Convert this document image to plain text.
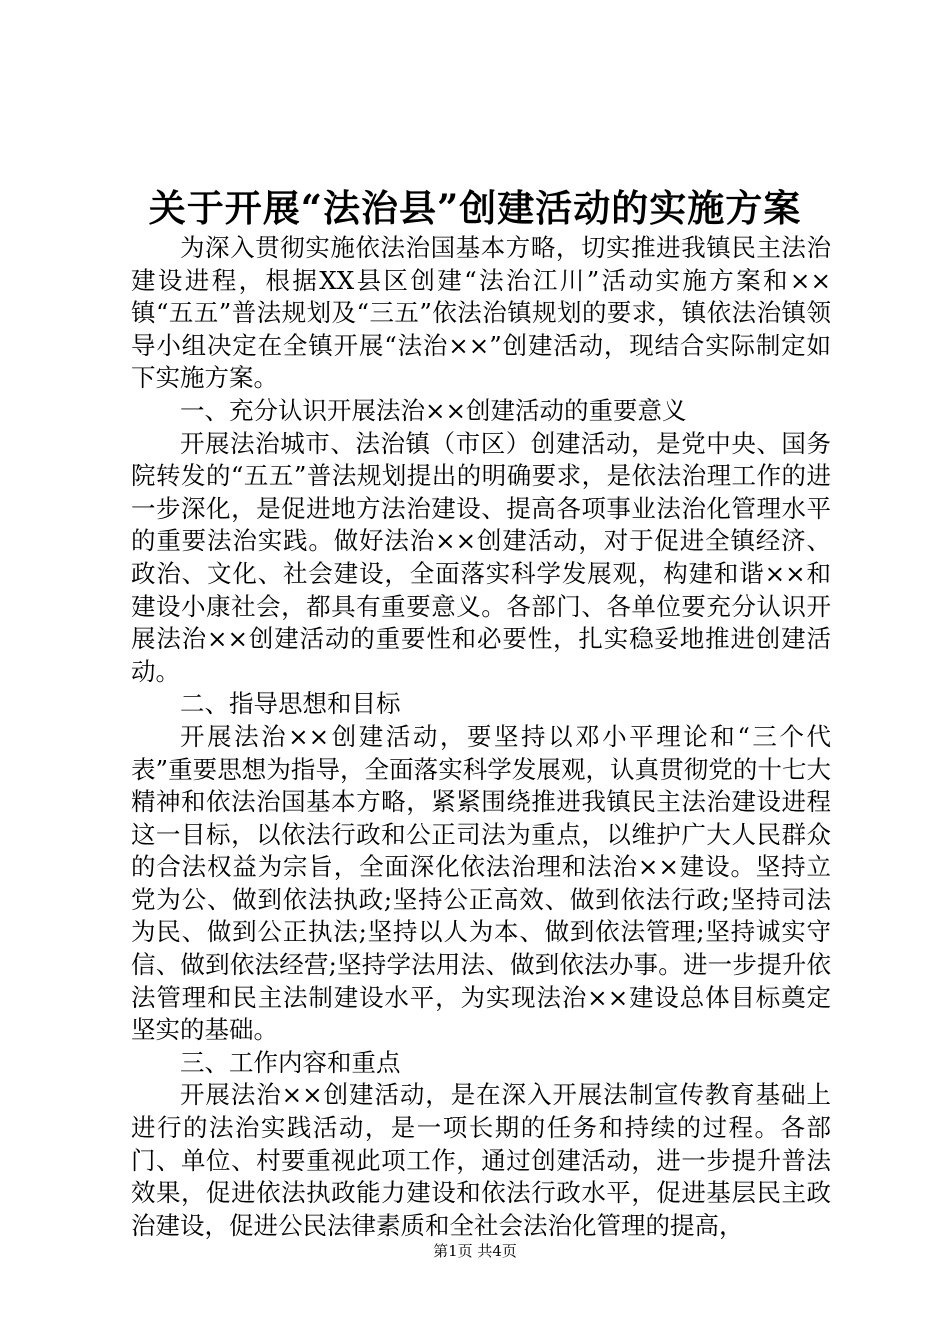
关于开展“法治县”创建活动的实施方案

为深入贯彻实施依法治国基本方略，切实推进我镇民主法治建设进程，根据XX县区创建“法治江川”活动实施方案和××镇“五五”普法规划及“三五”依法治镇规划的要求，镇依法治镇领导小组决定在全镇开展“法治××”创建活动，现结合实际制定如下实施方案。

一、充分认识开展法治××创建活动的重要意义

开展法治城市、法治镇（市区）创建活动，是党中央、国务院转发的“五五”普法规划提出的明确要求，是依法治理工作的进一步深化，是促进地方法治建设、提高各项事业法治化管理水平的重要法治实践。做好法治××创建活动，对于促进全镇经济、政治、文化、社会建设，全面落实科学发展观，构建和谐××和建设小康社会，都具有重要意义。各部门、各单位要充分认识开展法治××创建活动的重要性和必要性，扎实稳妥地推进创建活动。

二、指导思想和目标

开展法治××创建活动，要坚持以邓小平理论和“三个代表”重要思想为指导，全面落实科学发展观，认真贯彻党的十七大精神和依法治国基本方略，紧紧围绕推进我镇民主法治建设进程这一目标，以依法行政和公正司法为重点，以维护广大人民群众的合法权益为宗旨，全面深化依法治理和法治××建设。坚持立党为公、做到依法执政;坚持公正高效、做到依法行政;坚持司法为民、做到公正执法;坚持以人为本、做到依法管理;坚持诚实守信、做到依法经营;坚持学法用法、做到依法办事。进一步提升依法管理和民主法制建设水平，为实现法治××建设总体目标奠定坚实的基础。

三、工作内容和重点

开展法治××创建活动，是在深入开展法制宣传教育基础上进行的法治实践活动，是一项长期的任务和持续的过程。各部门、单位、村要重视此项工作，通过创建活动，进一步提升普法效果，促进依法执政能力建设和依法行政水平，促进基层民主政治建设，促进公民法律素质和全社会法治化管理的提高，

第1页 共4页
